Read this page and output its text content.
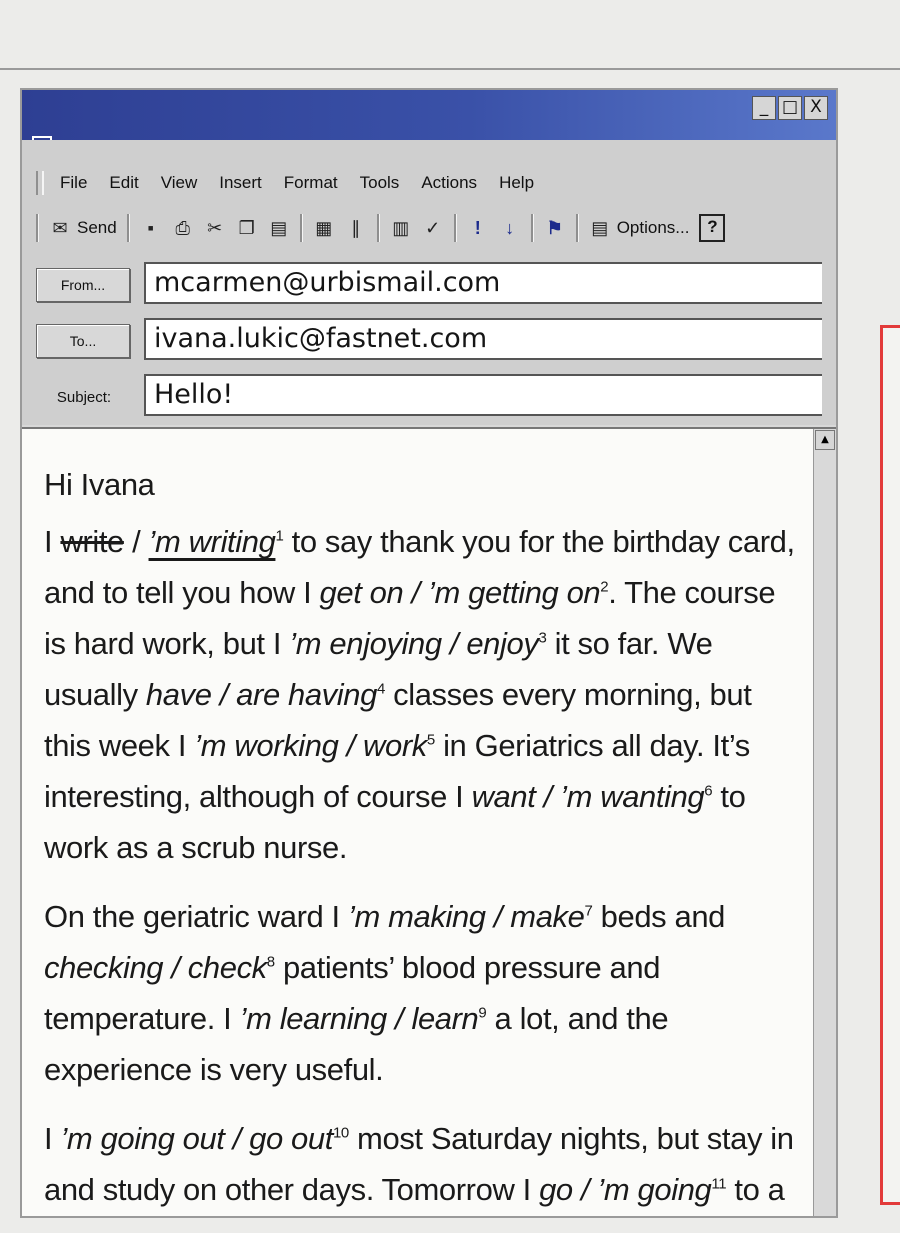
_ □ X
File Edit View Insert Format Tools Actions Help
✉ Send	▪	⎙ ✂ ❐ ▤ ▦	∥	▥ ✓	!	↓	⚑ ▤ Options...	?
From...	mcarmen@urbismail.com
To...	ivana.lukic@fastnet.com
Subject:	Hello!
▲

Hi Ivana

I write / ’m writing$^1$ to say thank you for the birthday card, and to tell you how I get on / ’m getting $on^2$. The course is hard work, but I ’m enjoying / enjoy$^3$ it so far. We usually have / are having$^4$ classes every morning, but this week I ’m working / work$^5$ in Geriatrics all day. It’s interesting, although of course I want / ’m wanting$^6$ to work as a scrub nurse.

On the geriatric ward I ’m making / make$^7$ beds and checking / check$^8$ patients’ blood pressure and temperature. I ’m learning / learn$^9$ a lot, and the experience is very useful.

I ’m going out / go out$^{10}$ most Saturday nights, but stay in and study on other days. Tomorrow I go / ’m going$^{11}$ to a
